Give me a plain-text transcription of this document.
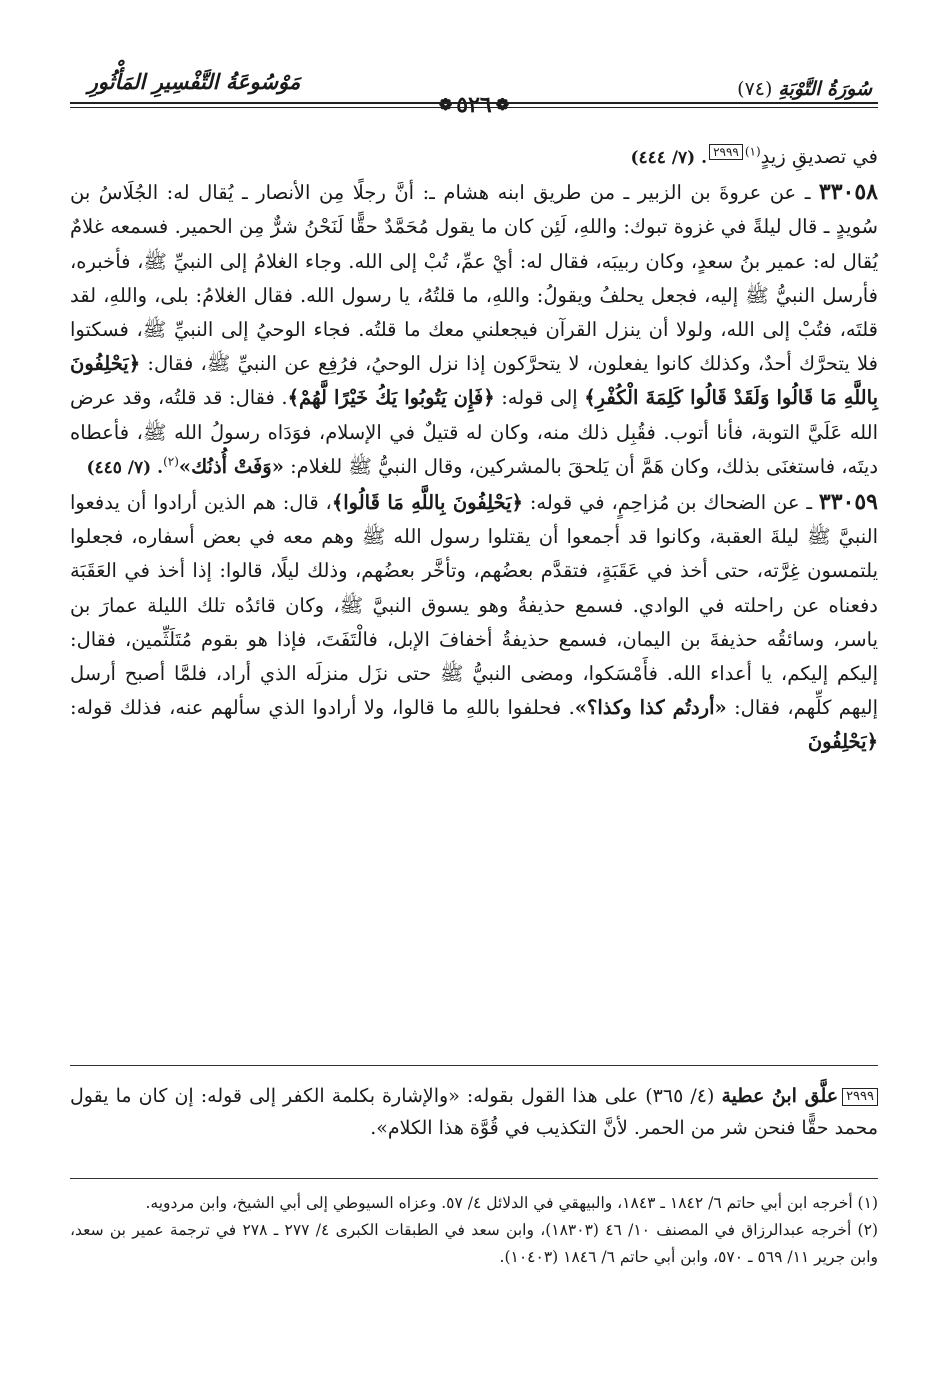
سُورَةُ التَّوْبَةِ
(٧٤)
❁
٥٢٦
❁
مَوْسُوعَةُ التَّفْسِيرِ المَأْثُورِ

في تصديقِ زيدٍ$^{(١)}$٢٩٩٩. (٧/ ٤٤٤)

٣٣٠٥٨ ـ عن عروةَ بن الزبير ـ من طريق ابنه هشام ـ: أنَّ رجلًا مِن الأنصار ـ يُقال له: الجُلَاسُ بن سُويدٍ ـ قال ليلةً في غزوة تبوك: واللهِ، لَئِن كان ما يقول مُحَمَّدٌ حقًّا لَنَحْنُ شرٌّ مِن الحمير. فسمعه غلامٌ يُقال له: عمير بنُ سعدٍ، وكان ربيبَه، فقال له: أيْ عمِّ، تُبْ إلى الله. وجاء الغلامُ إلى النبيِّ ﷺ، فأخبره، فأرسل النبيُّ ﷺ إليه، فجعل يحلفُ ويقولُ: واللهِ، ما قلتُهُ، يا رسول الله. فقال الغلامُ: بلى، واللهِ، لقد قلتَه، فتُبْ إلى الله، ولولا أن ينزل القرآن فيجعلني معك ما قلتُه. فجاء الوحيُ إلى النبيِّ ﷺ، فسكتوا فلا يتحرَّك أحدٌ، وكذلك كانوا يفعلون، لا يتحرَّكون إذا نزل الوحيُ، فرُفِع عن النبيِّ ﷺ، فقال: ﴿يَحْلِفُونَ بِاللَّهِ مَا قَالُوا وَلَقَدْ قَالُوا كَلِمَةَ الْكُفْرِ﴾ إلى قوله: ﴿فَإِن يَتُوبُوا يَكُ خَيْرًا لَّهُمْ﴾. فقال: قد قلتُه، وقد عرض الله عَلَيَّ التوبة، فأنا أتوب. فقُبِل ذلك منه، وكان له قتيلٌ في الإسلام، فوَدَاه رسولُ الله ﷺ، فأعطاه ديتَه، فاستغنَى بذلك، وكان هَمَّ أن يَلحقَ بالمشركين، وقال النبيُّ ﷺ للغلام: «وَفَتْ أُذنُك»$^{(٢)}$. (٧/ ٤٤٥)

٣٣٠٥٩ ـ عن الضحاك بن مُزاحِمٍ، في قوله: ﴿يَحْلِفُونَ بِاللَّهِ مَا قَالُوا﴾، قال: هم الذين أرادوا أن يدفعوا النبيَّ ﷺ ليلةَ العقبة، وكانوا قد أجمعوا أن يقتلوا رسول الله ﷺ وهم معه في بعض أسفاره، فجعلوا يلتمسون غِرَّته، حتى أخذ في عَقَبَةٍ، فتقدَّم بعضُهم، وتأخَّر بعضُهم، وذلك ليلًا، قالوا: إذا أخذ في العَقَبَة دفعناه عن راحلته في الوادي. فسمع حذيفةُ وهو يسوق النبيَّ ﷺ، وكان قائدُه تلك الليلة عمارَ بن ياسر، وسائقُه حذيفةَ بن اليمان، فسمع حذيفةُ أخفافَ الإبل، فالْتَفَتَ، فإذا هو بقوم مُتَلَثِّمين، فقال: إليكم إليكم، يا أعداء الله. فأَمْسَكوا، ومضى النبيُّ ﷺ حتى نزَل منزلَه الذي أراد، فلمَّا أصبح أرسل إليهم كلِّهم، فقال: «أردتُم كذا وكذا؟». فحلفوا باللهِ ما قالوا، ولا أرادوا الذي سألهم عنه، فذلك قوله: ﴿يَحْلِفُونَ

٢٩٩٩علَّق ابنُ عطية (٤/ ٣٦٥) على هذا القول بقوله: «والإشارة بكلمة الكفر إلى قوله: إن كان ما يقول محمد حقًّا فنحن شر من الحمر. لأنَّ التكذيب في قُوَّة هذا الكلام».

(١) أخرجه ابن أبي حاتم ٦/ ١٨٤٢ ـ ١٨٤٣، والبيهقي في الدلائل ٤/ ٥٧. وعزاه السيوطي إلى أبي الشيخ، وابن مردويه.

(٢) أخرجه عبدالرزاق في المصنف ١٠/ ٤٦ (١٨٣٠٣)، وابن سعد في الطبقات الكبرى ٤/ ٢٧٧ ـ ٢٧٨ في ترجمة عمير بن سعد، وابن جرير ١١/ ٥٦٩ ـ ٥٧٠، وابن أبي حاتم ٦/ ١٨٤٦ (١٠٤٠٣).
